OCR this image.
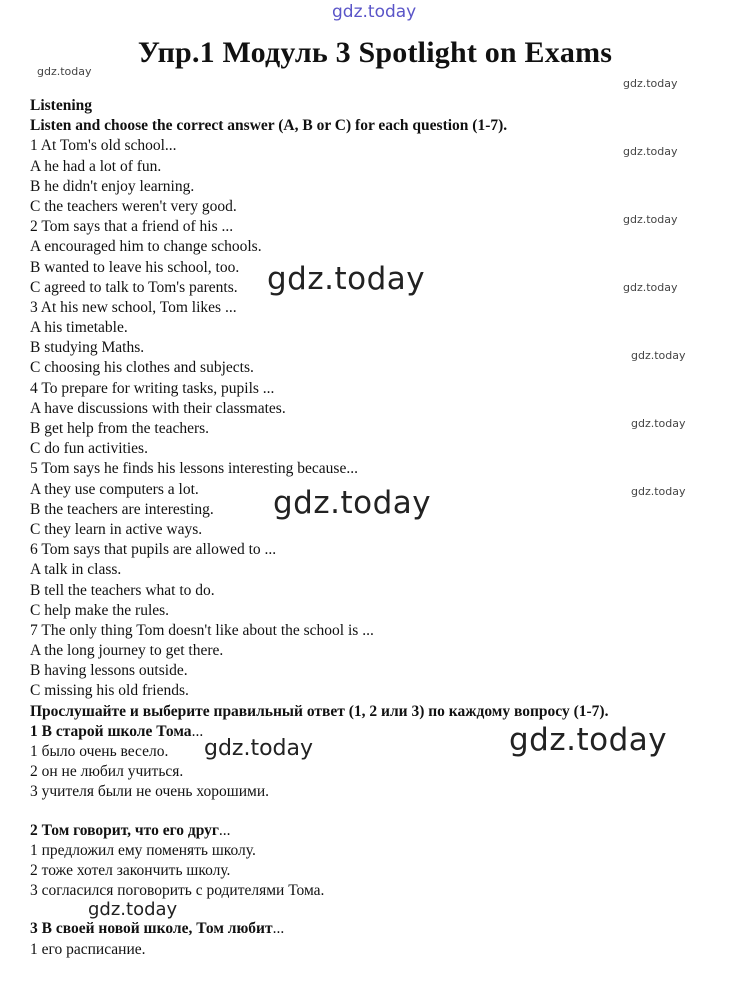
gdz.today
gdz.today
gdz.today
gdz.today
gdz.today
gdz.today
gdz.today
gdz.today
gdz.today
gdz.today
gdz.today
gdz.today
gdz.today
gdz.today
Упр.1 Модуль 3 Spotlight on Exams
Listening
Listen and choose the correct answer (A, B or C) for each question (1-7).
1 At Tom's old school...
A he had a lot of fun.
B he didn't enjoy learning.
C the teachers weren't very good.
2 Tom says that a friend of his ...
A encouraged him to change schools.
B wanted to leave his school, too.
C agreed to talk to Tom's parents.
3 At his new school, Tom likes ...
A his timetable.
B studying Maths.
C choosing his clothes and subjects.
4 To prepare for writing tasks, pupils ...
A have discussions with their classmates.
B get help from the teachers.
C do fun activities.
5 Tom says he finds his lessons interesting because...
A they use computers a lot.
B the teachers are interesting.
C they learn in active ways.
6 Tom says that pupils are allowed to ...
A talk in class.
B tell the teachers what to do.
C help make the rules.
7 The only thing Tom doesn't like about the school is ...
A the long journey to get there.
B having lessons outside.
C missing his old friends.
Прослушайте и выберите правильный ответ (1, 2 или 3) по каждому вопросу (1-7).
1 В старой школе Тома...
1 было очень весело.
2 он не любил учиться.
3 учителя были не очень хорошими.
2 Том говорит, что его друг...
1 предложил ему поменять школу.
2 тоже хотел закончить школу.
3 согласился поговорить с родителями Тома.
3 В своей новой школе, Том любит...
1 его расписание.
